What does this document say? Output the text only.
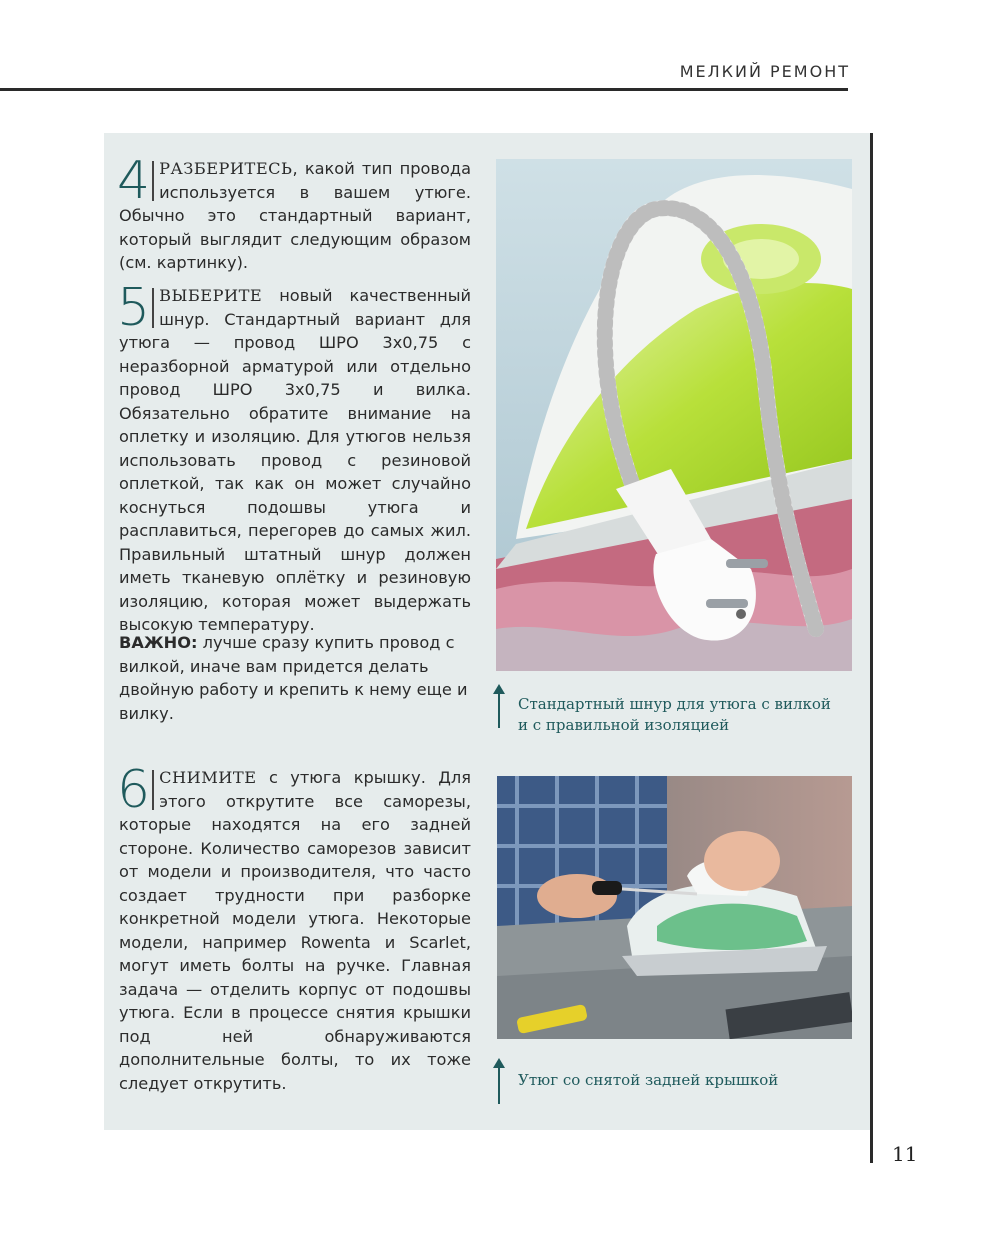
МЕЛКИЙ РЕМОНТ
11

4 РАЗБЕРИТЕСЬ, какой тип провода используется в вашем утюге. Обычно это стандартный вариант, который выглядит следующим образом (см. картинку).

5 ВЫБЕРИТЕ новый качественный шнур. Стандартный вариант для утюга — провод ШРО 3х0,75 с неразборной арматурой или отдельно провод ШРО 3х0,75 и вилка. Обязательно обратите внимание на оплетку и изоляцию. Для утюгов нельзя использовать провод с резиновой оплеткой, так как он может случайно коснуться подошвы утюга и расплавиться, перегорев до самых жил. Правильный штатный шнур должен иметь тканевую оплётку и резиновую изоляцию, которая может выдержать высокую температуру.

ВАЖНО: лучше сразу купить провод с вилкой, иначе вам придется делать двойную работу и крепить к нему еще и вилку.

6 СНИМИТЕ с утюга крышку. Для этого открутите все саморезы, которые находятся на его задней стороне. Количество саморезов зависит от модели и производителя, что часто создает трудности при разборке конкретной модели утюга. Некоторые модели, например Rowenta и Scarlet, могут иметь болты на ручке. Главная задача — отделить корпус от подошвы утюга. Если в процессе снятия крышки под ней обнаруживаются дополнительные болты, то их тоже следует открутить.

Стандартный шнур для утюга с вилкой
и с правильной изоляцией
Утюг со снятой задней крышкой
